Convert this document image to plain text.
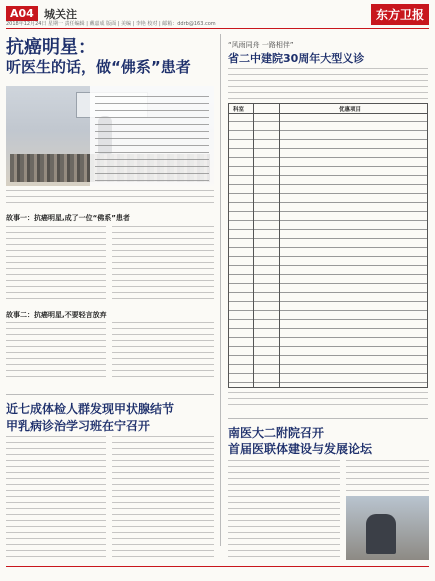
A04 城关注
2018年12月24日 星期一 责任编辑 | 戴嘉成 版面 | 美编 | 李艳 校对 | 邮箱：ddrb@163.com
东方卫报
抗癌明星：
听医生的话，做“佛系”患者
故事一：抗癌明星,成了一位“佛系”患者
故事二：抗癌明星,不要轻言放弃
“风雨同舟 一路相伴”
省二中建院30周年大型义诊
科室	优惠项目
近七成体检人群发现甲状腺结节
甲乳病诊治学习班在宁召开	南医大二附院召开
首届医联体建设与发展论坛
